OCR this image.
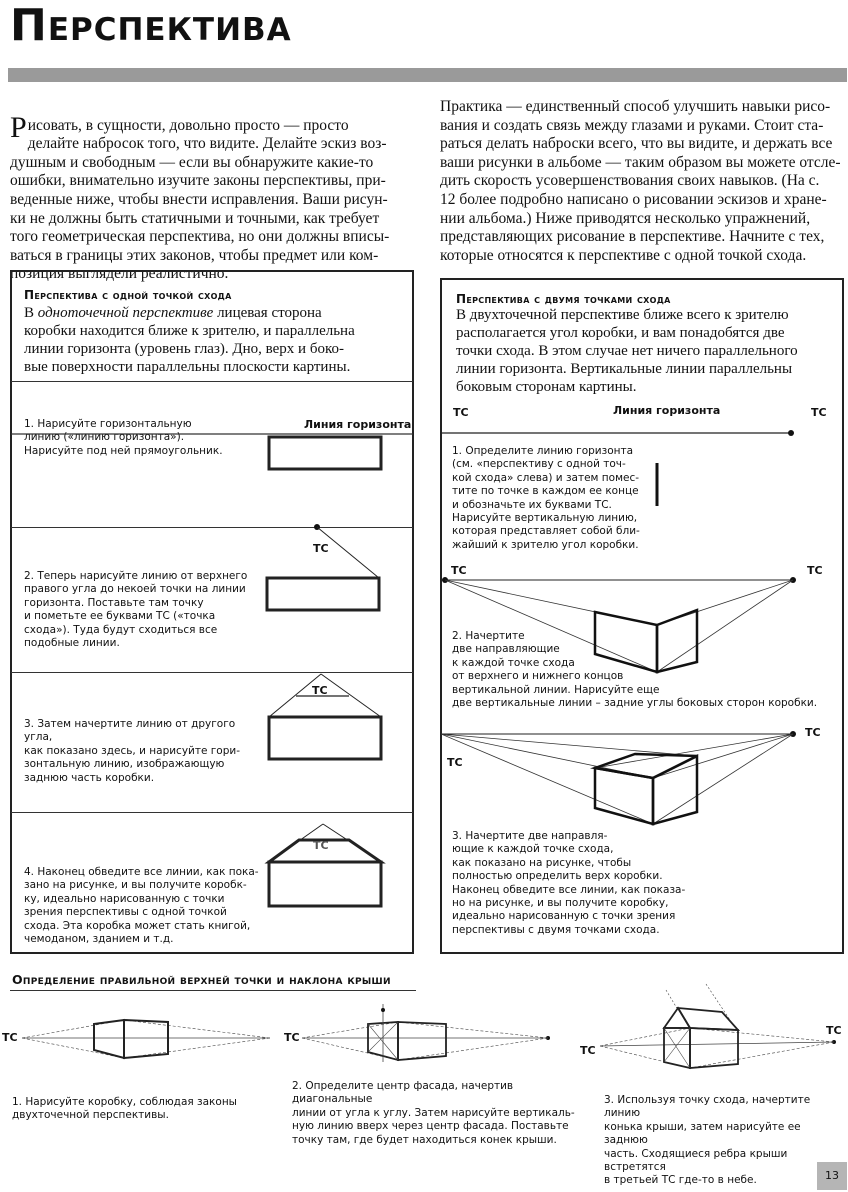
Перспектива

Рисовать, в сущности, довольно просто — просто
делайте набросок того, что видите. Делайте эскиз воз-
душным и свободным — если вы обнаружите какие-то
ошибки, внимательно изучите законы перспективы, при-
веденные ниже, чтобы внести исправления. Ваши рисун-
ки не должны быть статичными и точными, как требует
того геометрическая перспектива, но они должны вписы-
ваться в границы этих законов, чтобы предмет или ком-
позиция выглядели реалистично.

Практика — единственный способ улучшить навыки рисо-
вания и создать связь между глазами и руками. Стоит ста-
раться делать наброски всего, что вы видите, и держать все
ваши рисунки в альбоме — таким образом вы можете отсле-
дить скорость усовершенствования своих навыков. (На с.
12 более подробно написано о рисовании эскизов и хране-
нии альбома.) Ниже приводятся несколько упражнений,
представляющих рисование в перспективе. Начните с тех,
которые относятся к перспективе с одной точкой схода.
Перспектива с одной точкой схода
В одноточечной перспективе лицевая сторона
коробки находится ближе к зрителю, и параллельна
линии горизонта (уровень глаз). Дно, верх и боко-
вые поверхности параллельны плоскости картины.
1. Нарисуйте горизонтальную
линию («линию горизонта»).
Нарисуйте под ней прямоугольник.
Линия горизонта
2. Теперь нарисуйте линию от верхнего
правого угла до некоей точки на линии
горизонта. Поставьте там точку
и пометьте ее буквами ТС («точка
схода»). Туда будут сходиться все
подобные линии.
ТС
3. Затем начертите линию от другого угла,
как показано здесь, и нарисуйте гори-
зонтальную линию, изображающую
заднюю часть коробки.
ТС
4. Наконец обведите все линии, как пока-
зано на рисунке, и вы получите коробк-
ку, идеально нарисованную с точки
зрения перспективы с одной точкой
схода. Эта коробка может стать книгой,
чемоданом, зданием и т.д.
ТС
Перспектива с двумя точками схода
В двухточечной перспективе ближе всего к зрителю
располагается угол коробки, и вам понадобятся две
точки схода. В этом случае нет ничего параллельного
линии горизонта. Вертикальные линии параллельны
боковым сторонам картины.
ТС	ТС
Линия горизонта
1. Определите линию горизонта
(см. «перспективу с одной точ-
кой схода» слева) и затем помес-
тите по точке в каждом ее конце
и обозначьте их буквами ТС.
Нарисуйте вертикальную линию,
которая представляет собой бли-
жайший к зрителю угол коробки.
ТС	ТС
2. Начертите
две направляющие
к каждой точке схода
от верхнего и нижнего концов
вертикальной линии. Нарисуйте еще
две вертикальные линии – задние углы боковых сторон коробки.
ТС
ТС
3. Начертите две направля-
ющие к каждой точке схода,
как показано на рисунке, чтобы
полностью определить верх коробки.
Наконец обведите все линии, как показа-
но на рисунке, и вы получите коробку,
идеально нарисованную с точки зрения
перспективы с двумя точками схода.
Определение правильной верхней точки и наклона крыши
ТС
1. Нарисуйте коробку, соблюдая законы
двухточечной перспективы.
ТС
2. Определите центр фасада, начертив диагональные
линии от угла к углу. Затем нарисуйте вертикаль-
ную линию вверх через центр фасада. Поставьте
точку там, где будет находиться конек крыши.
ТС
ТС
3. Используя точку схода, начертите линию
конька крыши, затем нарисуйте ее заднюю
часть. Сходящиеся ребра крыши встретятся
в третьей ТС где-то в небе.	13
